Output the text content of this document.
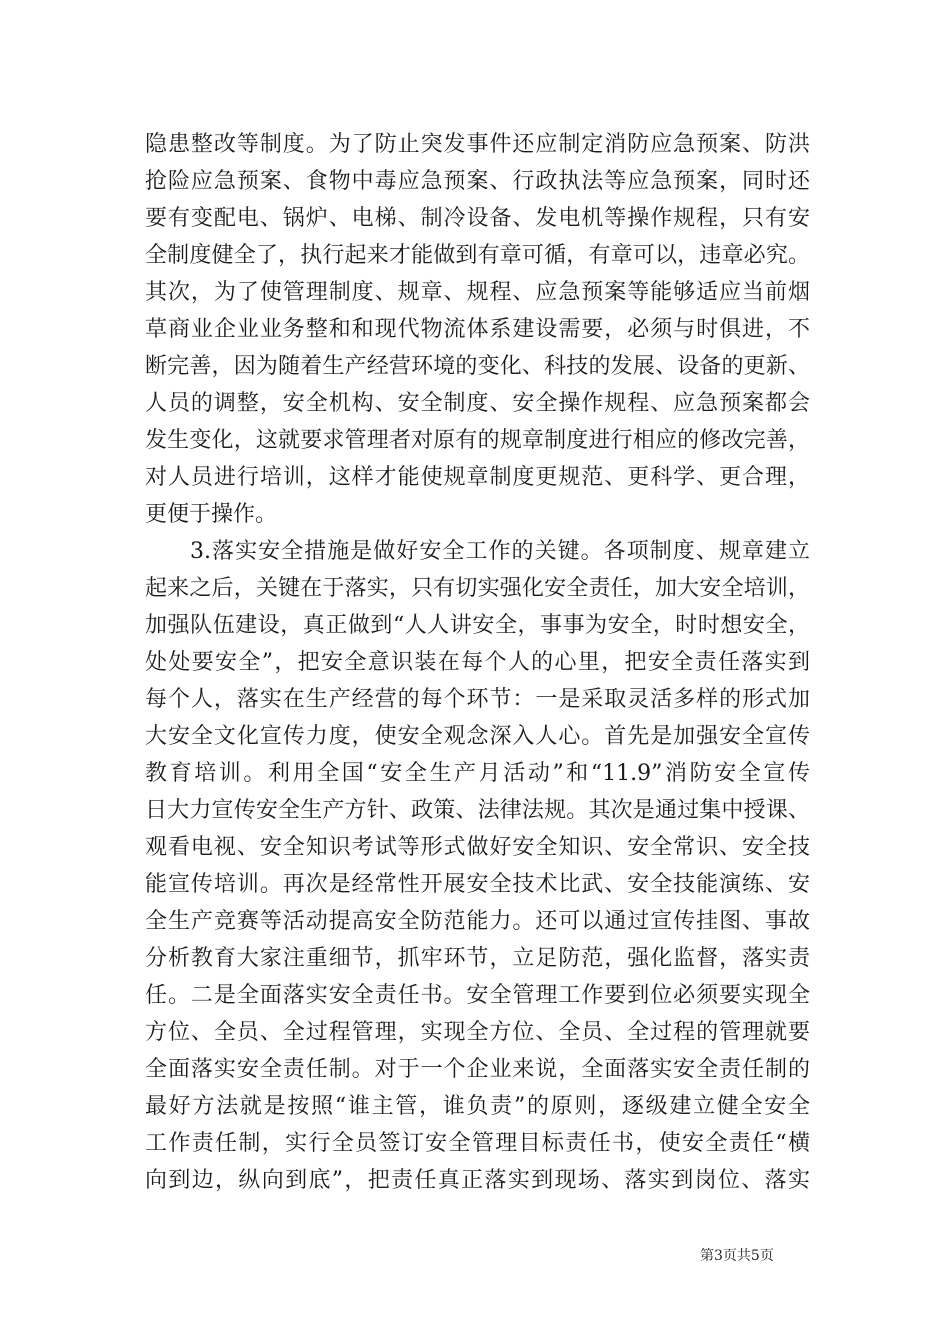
隐患整改等制度。为了防止突发事件还应制定消防应急预案、防洪
抢险应急预案、食物中毒应急预案、行政执法等应急预案，同时还
要有变配电、锅炉、电梯、制冷设备、发电机等操作规程，只有安
全制度健全了，执行起来才能做到有章可循，有章可以，违章必究。
其次，为了使管理制度、规章、规程、应急预案等能够适应当前烟
草商业企业业务整和和现代物流体系建设需要，必须与时俱进，不
断完善，因为随着生产经营环境的变化、科技的发展、设备的更新、
人员的调整，安全机构、安全制度、安全操作规程、应急预案都会
发生变化，这就要求管理者对原有的规章制度进行相应的修改完善，
对人员进行培训，这样才能使规章制度更规范、更科学、更合理，
更便于操作。
3.落实安全措施是做好安全工作的关键。各项制度、规章建立
起来之后，关键在于落实，只有切实强化安全责任，加大安全培训，
加强队伍建设，真正做到“人人讲安全，事事为安全，时时想安全，
处处要安全”，把安全意识装在每个人的心里，把安全责任落实到
每个人，落实在生产经营的每个环节：一是采取灵活多样的形式加
大安全文化宣传力度，使安全观念深入人心。首先是加强安全宣传
教育培训。利用全国“安全生产月活动”和“11.9”消防安全宣传
日大力宣传安全生产方针、政策、法律法规。其次是通过集中授课、
观看电视、安全知识考试等形式做好安全知识、安全常识、安全技
能宣传培训。再次是经常性开展安全技术比武、安全技能演练、安
全生产竞赛等活动提高安全防范能力。还可以通过宣传挂图、事故
分析教育大家注重细节，抓牢环节，立足防范，强化监督，落实责
任。二是全面落实安全责任书。安全管理工作要到位必须要实现全
方位、全员、全过程管理，实现全方位、全员、全过程的管理就要
全面落实安全责任制。对于一个企业来说，全面落实安全责任制的
最好方法就是按照“谁主管，谁负责”的原则，逐级建立健全安全
工作责任制，实行全员签订安全管理目标责任书，使安全责任“横
向到边，纵向到底”，把责任真正落实到现场、落实到岗位、落实
第3页共5页
